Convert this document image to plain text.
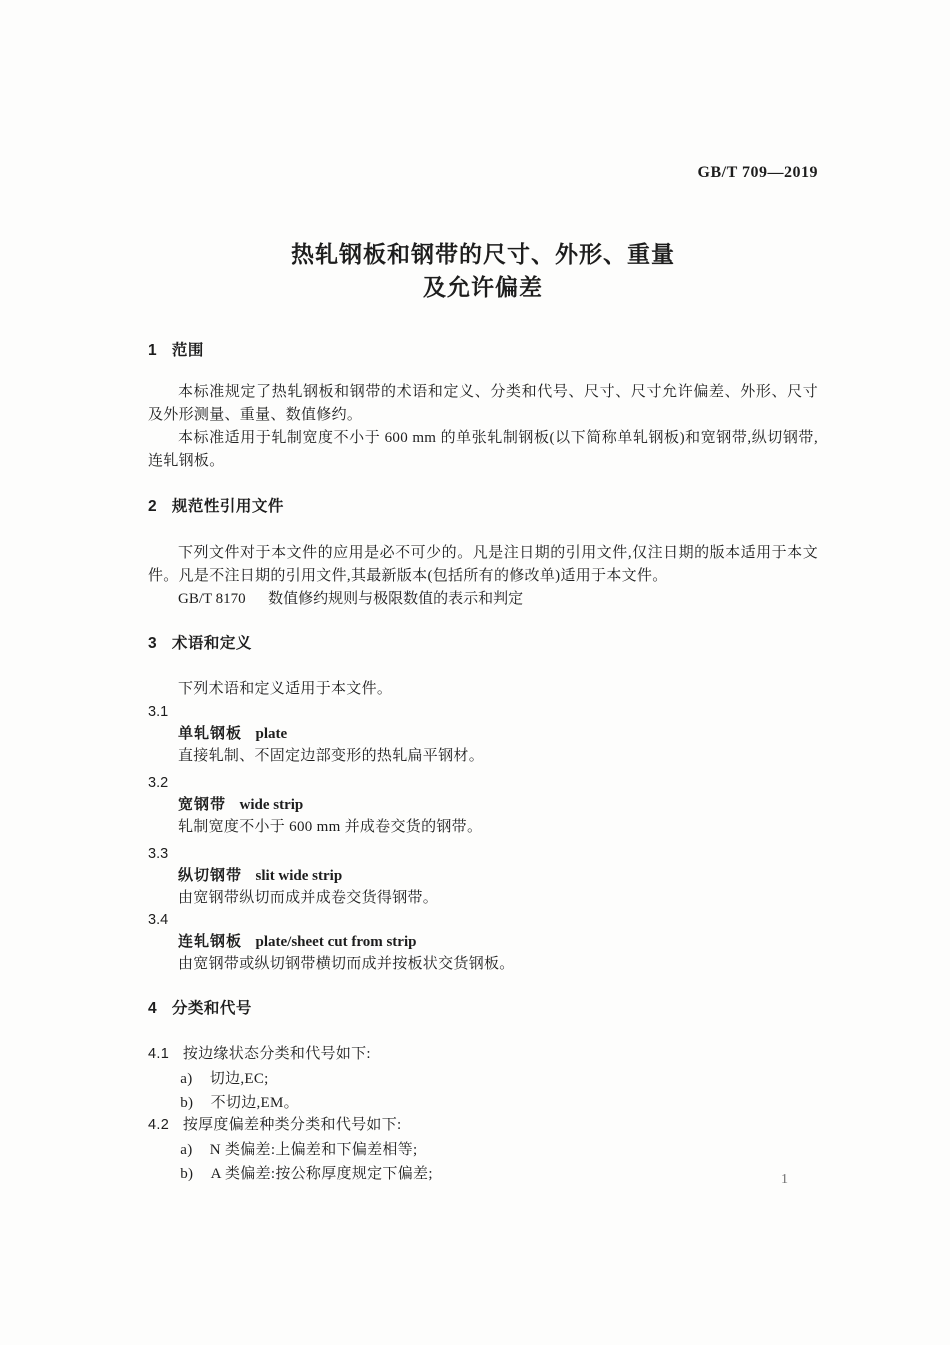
GB/T 709—2019
热轧钢板和钢带的尺寸、外形、重量
及允许偏差
1 范围

本标准规定了热轧钢板和钢带的术语和定义、分类和代号、尺寸、尺寸允许偏差、外形、尺寸及外形测量、重量、数值修约。

本标准适用于轧制宽度不小于 600 mm 的单张轧制钢板(以下简称单轧钢板)和宽钢带,纵切钢带,连轧钢板。

2 规范性引用文件

下列文件对于本文件的应用是必不可少的。凡是注日期的引用文件,仅注日期的版本适用于本文件。凡是不注日期的引用文件,其最新版本(包括所有的修改单)适用于本文件。

GB/T 8170 数值修约规则与极限数值的表示和判定

3 术语和定义

下列术语和定义适用于本文件。

3.1
单轧钢板 plate
直接轧制、不固定边部变形的热轧扁平钢材。
3.2
宽钢带 wide strip
轧制宽度不小于 600 mm 并成卷交货的钢带。
3.3
纵切钢带 slit wide strip
由宽钢带纵切而成并成卷交货得钢带。
3.4
连轧钢板 plate/sheet cut from strip
由宽钢带或纵切钢带横切而成并按板状交货钢板。
4 分类和代号

4.1 按边缘状态分类和代号如下:

a) 切边,EC;

b) 不切边,EM。

4.2 按厚度偏差种类分类和代号如下:

a) N 类偏差:上偏差和下偏差相等;

b) A 类偏差:按公称厚度规定下偏差;	1
